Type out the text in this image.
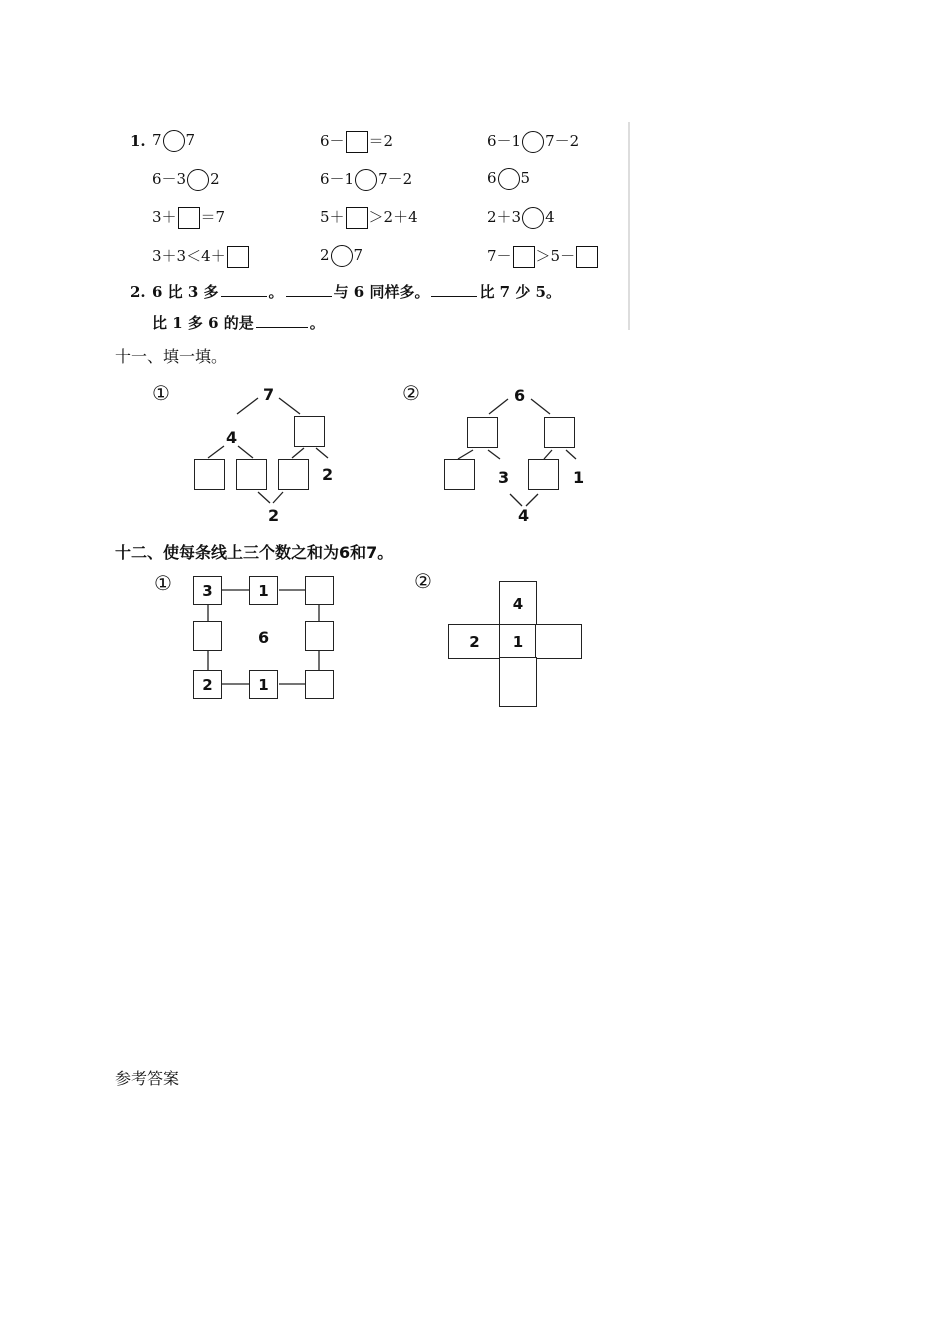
1. 7 7	6－ ＝2	6－1 7－2
6－3 2	6－1 7－2	6 5
3＋ ＝7	5＋ ＞2＋4	2＋3 4
3＋3＜4＋	2 7	7－ ＞5－
2. 6 比 3 多	。	与 6 同样多。	比 7 少 5。
比 1 多 6 的是	。
十一、填一填。
①	7
4
2
2
②	6
3	1
4
十二、使每条线上三个数之和为6和7。
①	3	1
6
2	1
②
4
2	1
参考答案
